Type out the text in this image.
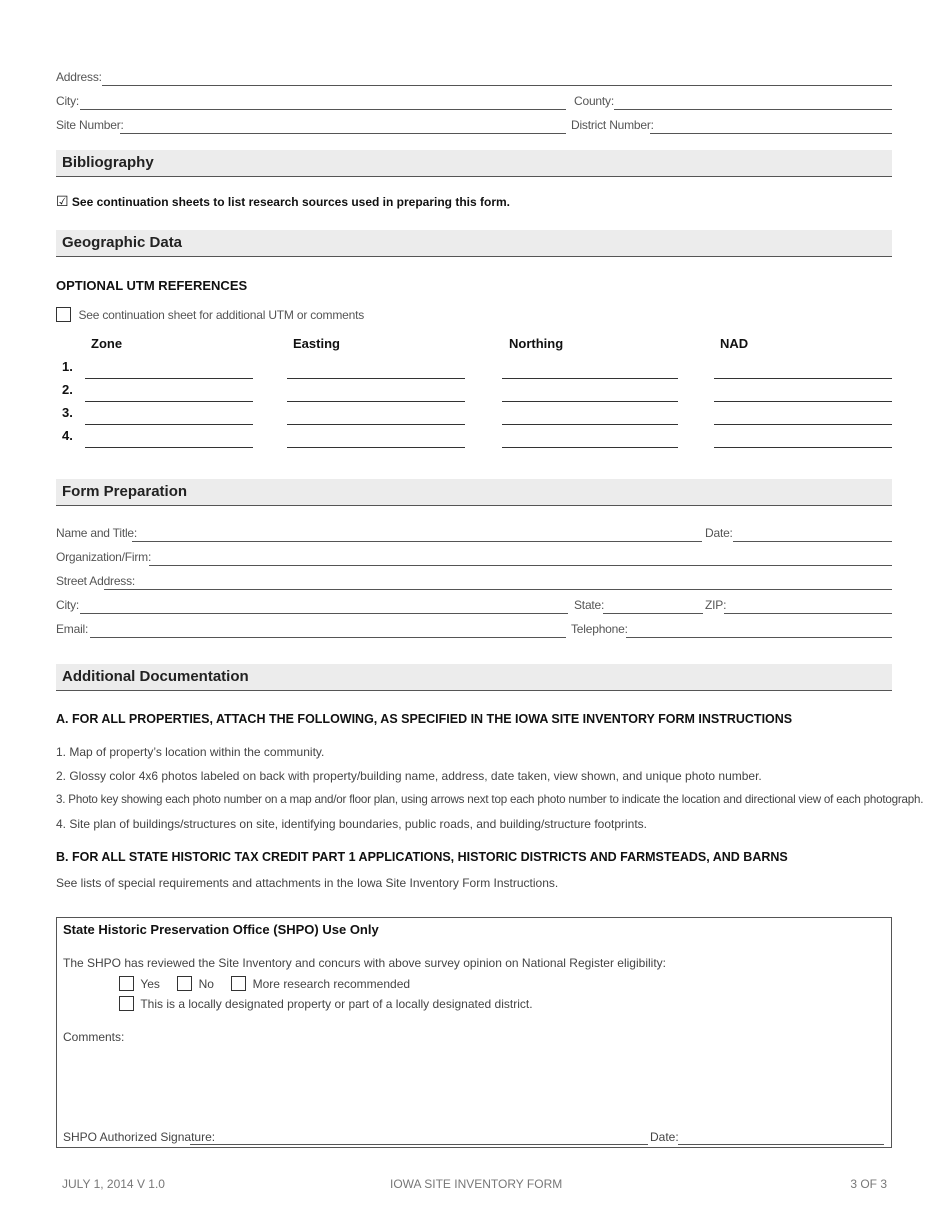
Address:
City:	County:
Site Number:	District Number:
Bibliography
☑ See continuation sheets to list research sources used in preparing this form.
Geographic Data
OPTIONAL UTM REFERENCES
See continuation sheet for additional UTM or comments
Zone	Easting	Northing	NAD
1.
2.
3.
4.
Form Preparation
Name and Title:	Date:
Organization/Firm:
Street Address:
City:	State:	ZIP:
Email:	Telephone:
Additional Documentation
A. FOR ALL PROPERTIES, ATTACH THE FOLLOWING, AS SPECIFIED IN THE IOWA SITE INVENTORY FORM INSTRUCTIONS
1. Map of property’s location within the community.
2. Glossy color 4x6 photos labeled on back with property/building name, address, date taken, view shown, and unique photo number.
3. Photo key showing each photo number on a map and/or floor plan, using arrows next top each photo number to indicate the location and directional view of each photograph.
4. Site plan of buildings/structures on site, identifying boundaries, public roads, and building/structure footprints.
B. FOR ALL STATE HISTORIC TAX CREDIT PART 1 APPLICATIONS, HISTORIC DISTRICTS AND FARMSTEADS, AND BARNS
See lists of special requirements and attachments in the Iowa Site Inventory Form Instructions.
State Historic Preservation Office (SHPO) Use Only
The SHPO has reviewed the Site Inventory and concurs with above survey opinion on National Register eligibility:
Yes	No	More research recommended
This is a locally designated property or part of a locally designated district.
Comments:
SHPO Authorized Signature:	Date:
JULY 1, 2014 V 1.0	IOWA SITE INVENTORY FORM	3 OF 3
